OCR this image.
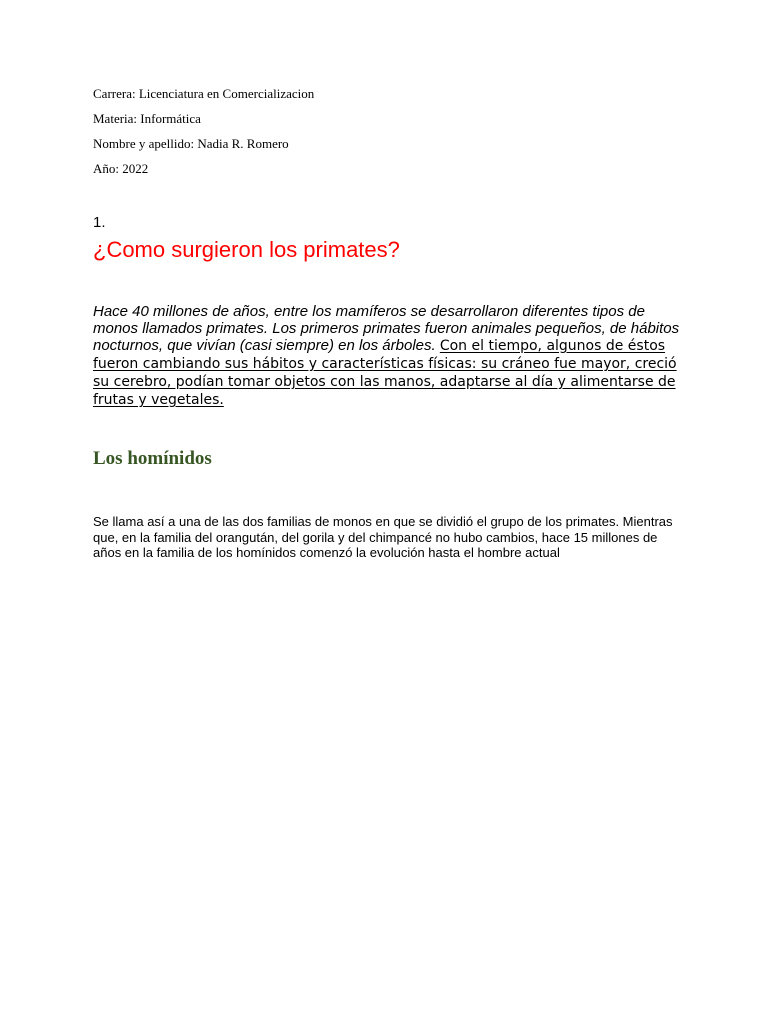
Carrera: Licenciatura en Comercializacion

Materia: Informática

Nombre y apellido: Nadia R. Romero

Año: 2022

1.

¿Como surgieron los primates?

Hace 40 millones de años, entre los mamíferos se desarrollaron diferentes tipos de monos llamados primates. Los primeros primates fueron animales pequeños, de hábitos nocturnos, que vivían (casi siempre) en los árboles. Con el tiempo, algunos de éstos fueron cambiando sus hábitos y características físicas: su cráneo fue mayor, creció su cerebro, podían tomar objetos con las manos, adaptarse al día y alimentarse de frutas y vegetales.

Los homínidos

Se llama así a una de las dos familias de monos en que se dividió el grupo de los primates. Mientras que, en la familia del orangután, del gorila y del chimpancé no hubo cambios, hace 15 millones de años en la familia de los homínidos comenzó la evolución hasta el hombre actual
